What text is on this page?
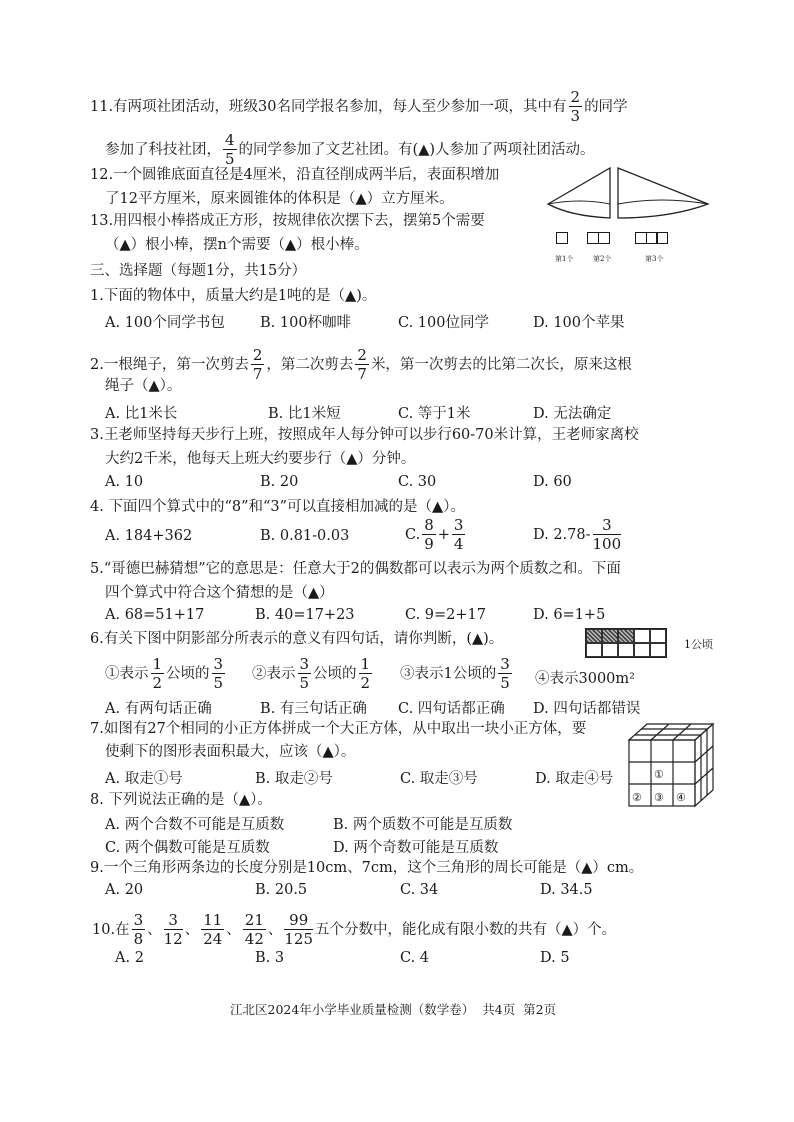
11.有两项社团活动，班级30名同学报名参加，每人至少参加一项，其中有 $\frac{2}{3}$ 的同学
参加了科技社团， $\frac{4}{5}$ 的同学参加了文艺社团。有(▲)人参加了两项社团活动。
12.一个圆锥底面直径是4厘米，沿直径削成两半后，表面积增加
了12平方厘米，原来圆锥体的体积是（▲）立方厘米。
13.用四根小棒搭成正方形，按规律依次摆下去，摆第5个需要
（▲）根小棒，摆n个需要（▲）根小棒。
第1个	第2个	第3个
三、选择题（每题1分，共15分）
1.下面的物体中，质量大约是1吨的是（▲)。
A. 100个同学书包 B. 100杯咖啡	C. 100位同学	D. 100个苹果
2.一根绳子，第一次剪去 $\frac{2}{7}$ ，第二次剪去 $\frac{2}{7}$ 米，第一次剪去的比第二次长，原来这根
绳子（▲）。
A. 比1米长	B. 比1米短	C. 等于1米	D. 无法确定
3.王老师坚持每天步行上班，按照成年人每分钟可以步行60-70米计算，王老师家离校
大约2千米，他每天上班大约要步行（▲）分钟。
A. 10	B. 20	C. 30	D. 60
4. 下面四个算式中的“8”和“3”可以直接相加减的是（▲）。
A. 184+362	B. 0.81-0.03	C. $\frac{8}{9} + \frac{3}{4}$	D. $2.78- \frac{3}{100}$
5.“哥德巴赫猜想”它的意思是：任意大于2的偶数都可以表示为两个质数之和。下面
四个算式中符合这个猜想的是（▲）
A. 68=51+17	B. 40=17+23	C. 9=2+17	D. 6=1+5
6.有关下图中阴影部分所表示的意义有四句话，请你判断，(▲)。	1公顷
①表示 $\frac{1}{2}$ 公顷的 $\frac{3}{5}$ ②表示 $\frac{3}{5}$ 公顷的 $\frac{1}{2}$ ③表示1公顷的 $\frac{3}{5}$ ④表示3000m²
A. 有两句话正确	B. 有三句话正确 C. 四句话都正确 D. 四句话都错误
7.如图有27个相同的小正方体拼成一个大正方体，从中取出一块小正方体，要
使剩下的图形表面积最大，应该（▲）。
A. 取走①号	B. 取走②号	C. 取走③号	D. 取走④号	①
② ③ ④
8. 下列说法正确的是（▲）。
A. 两个合数不可能是互质数	B. 两个质数不可能是互质数
C. 两个偶数可能是互质数	D. 两个奇数可能是互质数
9.一个三角形两条边的长度分别是10cm、7cm，这个三角形的周长可能是（▲）cm。
A. 20	B. 20.5	C. 34	D. 34.5
10.在 $\frac{3}{8}$ 、 $\frac{3}{12}$ 、 $\frac{11}{24}$ 、 $\frac{21}{42}$ 、 $\frac{99}{125}$ 五个分数中，能化成有限小数的共有（▲）个。
A. 2	B. 3	C. 4	D. 5
江北区2024年小学毕业质量检测（数学卷）  共4页  第2页
